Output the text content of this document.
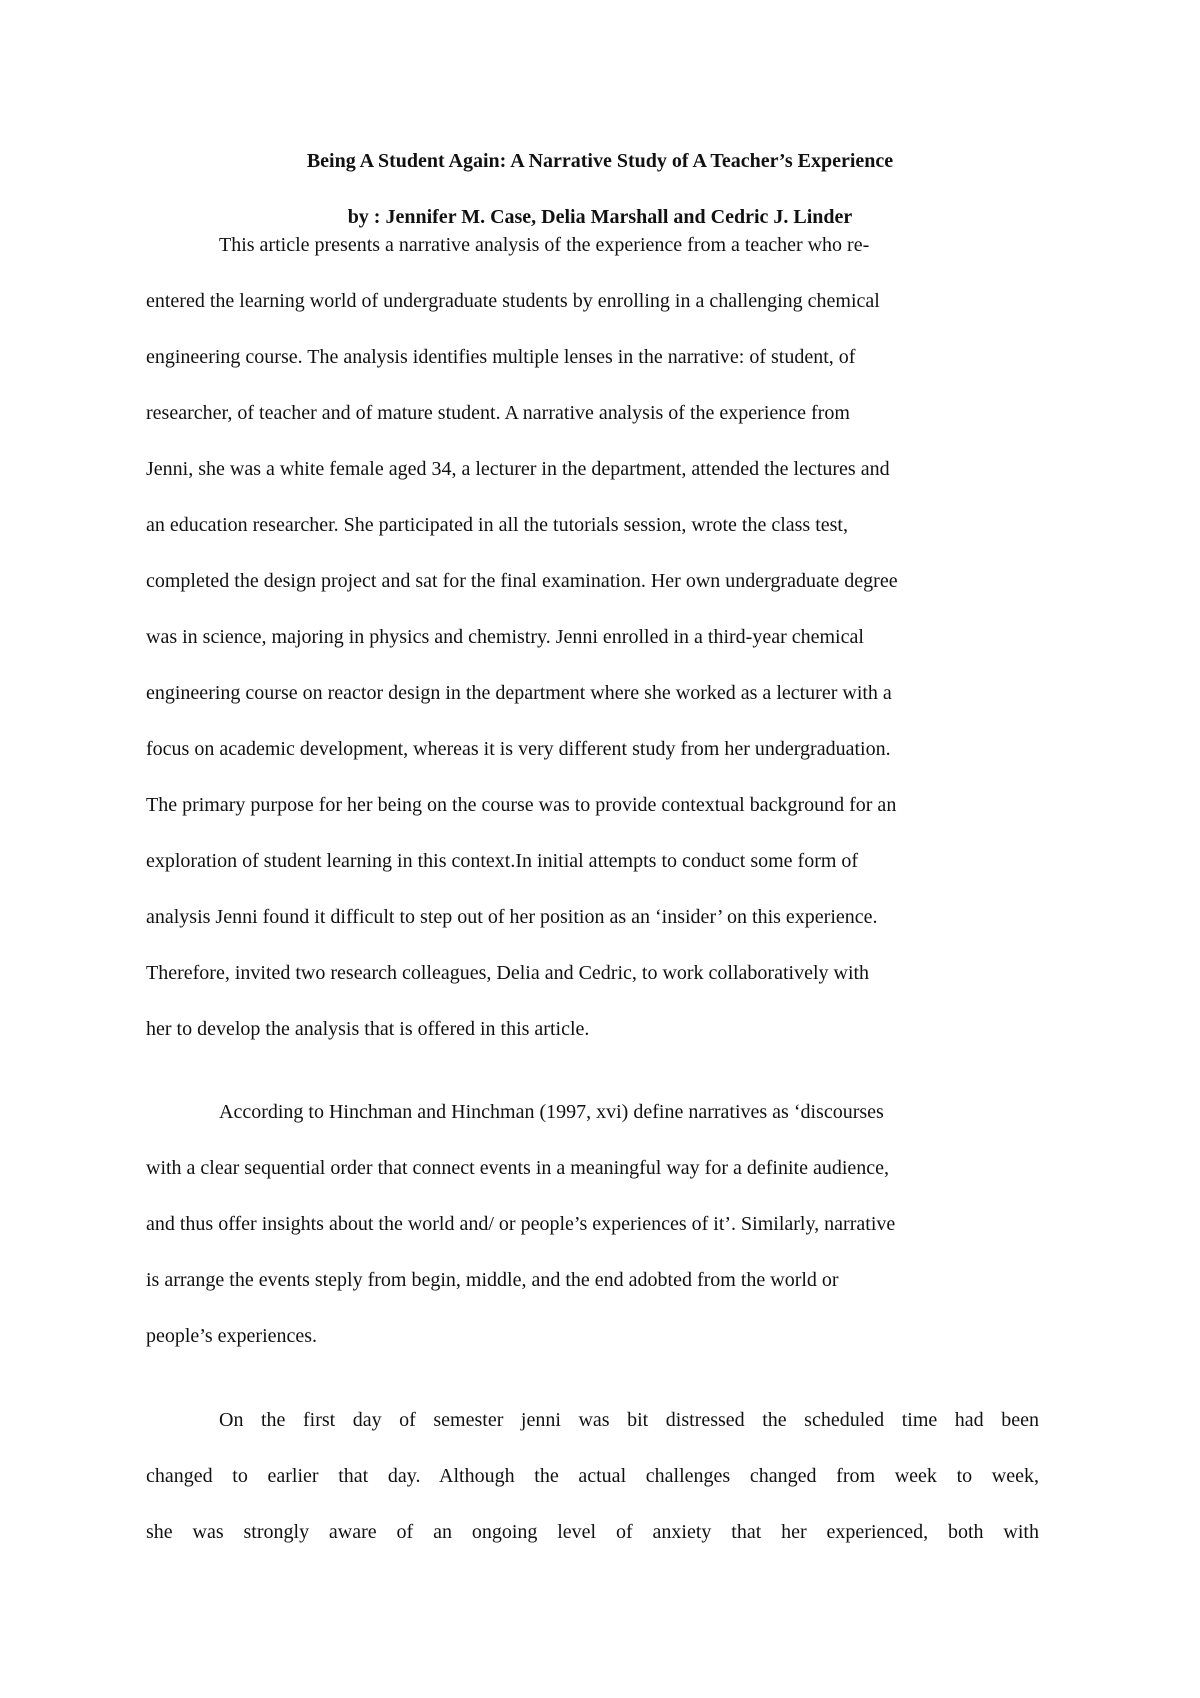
Being A Student Again: A Narrative Study of A Teacher’s Experience

by : Jennifer M. Case, Delia Marshall and Cedric J. Linder

This article presents a narrative analysis of the experience from a teacher who re-

entered the learning world of undergraduate students by enrolling in a challenging chemical

engineering course. The analysis identifies multiple lenses in the narrative: of student, of

researcher, of teacher and of mature student. A narrative analysis of the experience from

Jenni, she was a white female aged 34, a lecturer in the department, attended the lectures and

an education researcher. She participated in all the tutorials session, wrote the class test,

completed the design project and sat for the final examination. Her own undergraduate degree

was in science, majoring in physics and chemistry. Jenni enrolled in a third-year chemical

engineering course on reactor design in the department where she worked as a lecturer with a

focus on academic development, whereas it is very different study from her undergraduation.

The primary purpose for her being on the course was to provide contextual background for an

exploration of student learning in this context.In initial attempts to conduct some form of

analysis Jenni found it difficult to step out of her position as an ‘insider’ on this experience.

Therefore, invited two research colleagues, Delia and Cedric, to work collaboratively with

her to develop the analysis that is offered in this article.

According to Hinchman and Hinchman (1997, xvi) define narratives as ‘discourses

with a clear sequential order that connect events in a meaningful way for a definite audience,

and thus offer insights about the world and/ or people’s experiences of it’. Similarly, narrative

is arrange the events steply from begin, middle, and the end adobted from the world or

people’s experiences.

On the first day of semester jenni was bit distressed the scheduled time had been

changed to earlier that day. Although the actual challenges changed from week to week,

she was strongly aware of an ongoing level of anxiety that her experienced, both with
